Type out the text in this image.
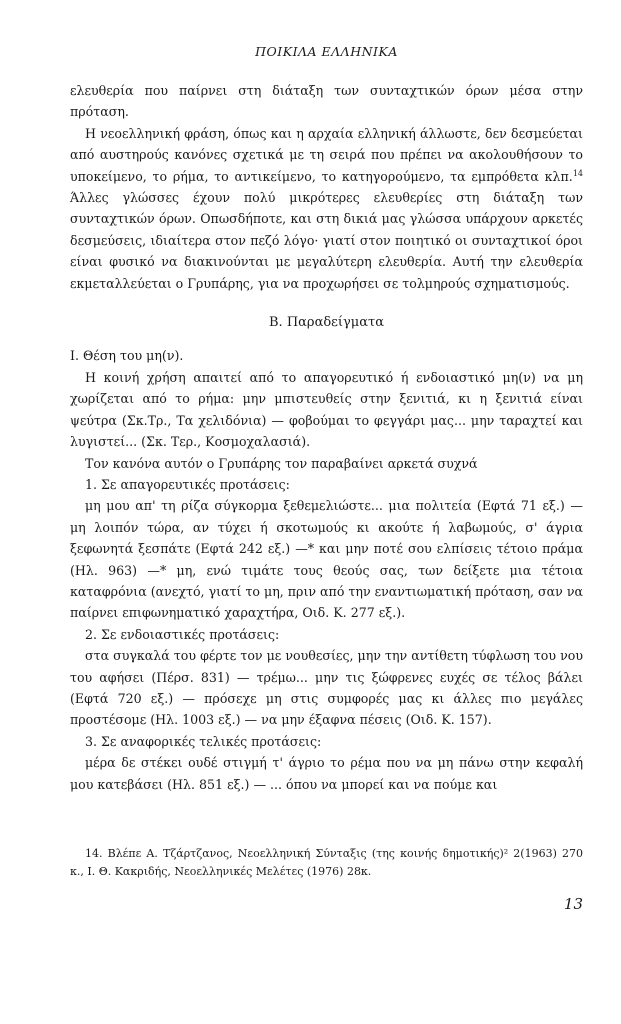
ΠΟΙΚΙΛΑ ΕΛΛΗΝΙΚΑ

ελευθερία που παίρνει στη διάταξη των συνταχτικών όρων μέσα στην πρόταση.

Η νεοελληνική φράση, όπως και η αρχαία ελληνική άλλωστε, δεν δεσμεύεται από αυστηρούς κανόνες σχετικά με τη σειρά που πρέπει να ακολουθήσουν το υποκείμενο, το ρήμα, το αντικείμενο, το κατηγορούμενο, τα εμπρόθετα κλπ.$^{14}$ Άλλες γλώσσες έχουν πολύ μικρότερες ελευθερίες στη διάταξη των συνταχτικών όρων. Οπωσδήποτε, και στη δικιά μας γλώσσα υπάρχουν αρκετές δεσμεύσεις, ιδιαίτερα στον πεζό λόγο· γιατί στον ποιητικό οι συνταχτικοί όροι είναι φυσικό να διακινούνται με μεγαλύτερη ελευθερία. Αυτή την ελευθερία εκμεταλλεύεται ο Γρυπάρης, για να προχωρήσει σε τολμηρούς σχηματισμούς.

Β. Παραδείγματα

Ι. Θέση του μη(ν).

Η κοινή χρήση απαιτεί από το απαγορευτικό ή ενδοιαστικό μη(ν) να μη χωρίζεται από το ρήμα: μην μπιστευθείς στην ξενιτιά, κι η ξενιτιά είναι ψεύτρα (Σκ.Τρ., Τα χελιδόνια) — φοβούμαι το φεγγάρι μας... μην ταραχτεί και λυγιστεί... (Σκ. Τερ., Κοσμοχαλασιά).

Τον κανόνα αυτόν ο Γρυπάρης τον παραβαίνει αρκετά συχνά

1. Σε απαγορευτικές προτάσεις:

μη μου απ' τη ρίζα σύγκορμα ξεθεμελιώστε... μια πολιτεία (Εφτά 71 εξ.) — μη λοιπόν τώρα, αν τύχει ή σκοτωμούς κι ακούτε ή λαβωμούς, σ' άγρια ξεφωνητά ξεσπάτε (Εφτά 242 εξ.) —* και μην ποτέ σου ελπίσεις τέτοιο πράμα (Ηλ. 963) —* μη, ενώ τιμάτε τους θεούς σας, των δείξετε μια τέτοια καταφρόνια (ανεχτό, γιατί το μη, πριν από την εναντιωματική πρόταση, σαν να παίρνει επιφωνηματικό χαραχτήρα, Οιδ. Κ. 277 εξ.).

2. Σε ενδοιαστικές προτάσεις:

στα συγκαλά του φέρτε τον με νουθεσίες, μην την αντίθετη τύφλωση του νου του αφήσει (Πέρσ. 831) — τρέμω... μην τις ξώφρενες ευχές σε τέλος βάλει (Εφτά 720 εξ.) — πρόσεχε μη στις συμφορές μας κι άλλες πιο μεγάλες προστέσομε (Ηλ. 1003 εξ.) — να μην έξαφνα πέσεις (Οιδ. Κ. 157).

3. Σε αναφορικές τελικές προτάσεις:

μέρα δε στέκει ουδέ στιγμή τ' άγριο το ρέμα που να μη πάνω στην κεφαλή μου κατεβάσει (Ηλ. 851 εξ.) — ... όπου να μπορεί και να πούμε και

14. Βλέπε Α. Τζάρτζανος, Νεοελληνική Σύνταξις (της κοινής δημοτικής)² 2(1963) 270 κ., Ι. Θ. Κακριδής, Νεοελληνικές Μελέτες (1976) 28κ.

13
